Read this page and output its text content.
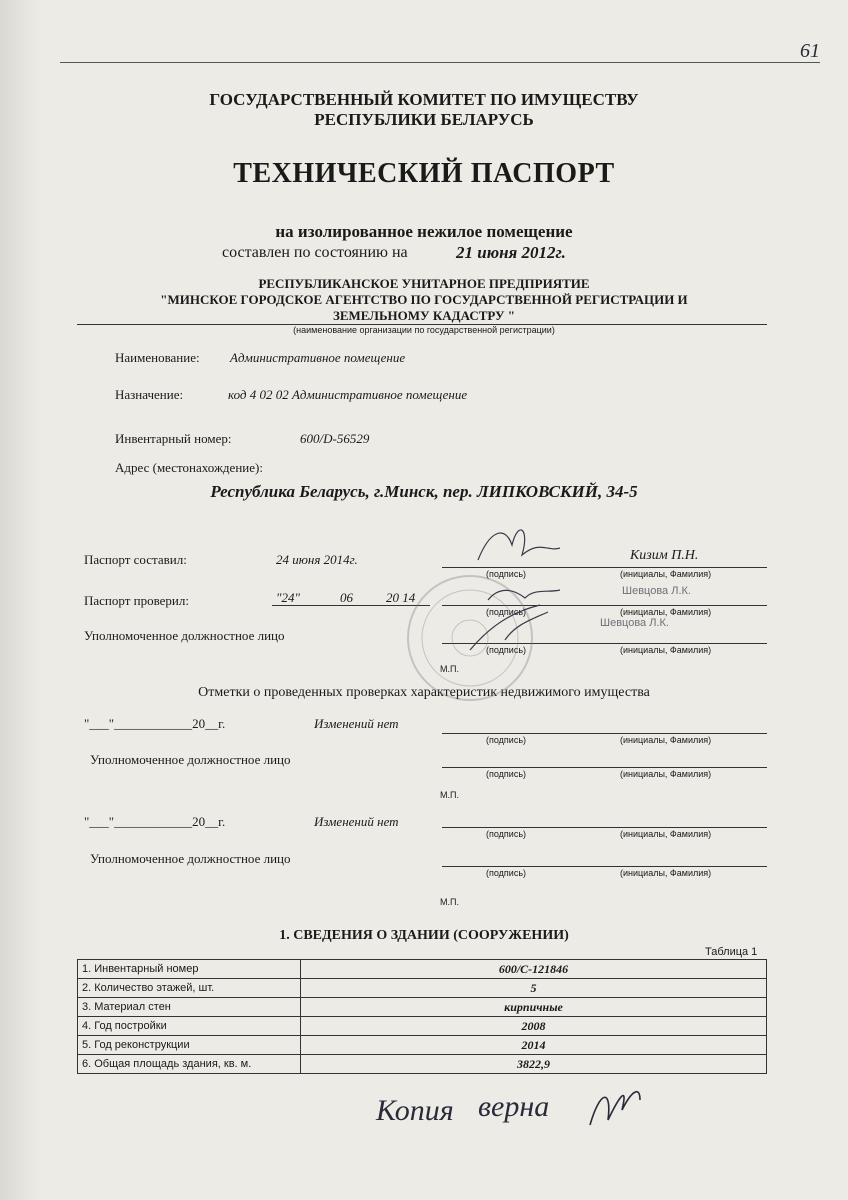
61
ГОСУДАРСТВЕННЫЙ КОМИТЕТ ПО ИМУЩЕСТВУ
РЕСПУБЛИКИ БЕЛАРУСЬ
ТЕХНИЧЕСКИЙ ПАСПОРТ
на изолированное нежилое помещение
составлен по состоянию на	21 июня 2012г.
РЕСПУБЛИКАНСКОЕ УНИТАРНОЕ ПРЕДПРИЯТИЕ
"МИНСКОЕ ГОРОДСКОЕ АГЕНТСТВО ПО ГОСУДАРСТВЕННОЙ РЕГИСТРАЦИИ И
ЗЕМЕЛЬНОМУ КАДАСТРУ "
(наименование организации по государственной регистрации)
Наименование: Административное помещение
Назначение:	код 4 02 02 Административное помещение
Инвентарный номер:	600/D-56529
Адрес (местонахождение):
Республика Беларусь, г.Минск, пер. ЛИПКОВСКИЙ, 34-5
Паспорт составил:	24 июня 2014г.	Кизим П.Н.
(подпись)	(инициалы, Фамилия)
Паспорт проверил:	"24"	06	20 14	Шевцова Л.К.
(подпись)	(инициалы, Фамилия)
Уполномоченное должностное лицо
Шевцова Л.К.
(подпись)	(инициалы, Фамилия)
М.П.
Отметки о проведенных проверках характеристик недвижимого имущества
"___"____________20__г.	Изменений нет
(подпись)	(инициалы, Фамилия)
Уполномоченное должностное лицо
(подпись)	(инициалы, Фамилия)
М.П.
"___"____________20__г.	Изменений нет
(подпись)	(инициалы, Фамилия)
Уполномоченное должностное лицо
(подпись)	(инициалы, Фамилия)
М.П.
1. СВЕДЕНИЯ О ЗДАНИИ (СООРУЖЕНИИ)
Таблица 1
1. Инвентарный номер	600/С-121846
2. Количество этажей, шт.	5
3. Материал стен	кирпичные
4. Год постройки	2008
5. Год реконструкции	2014
6. Общая площадь здания, кв. м.	3822,9
Копия верна
